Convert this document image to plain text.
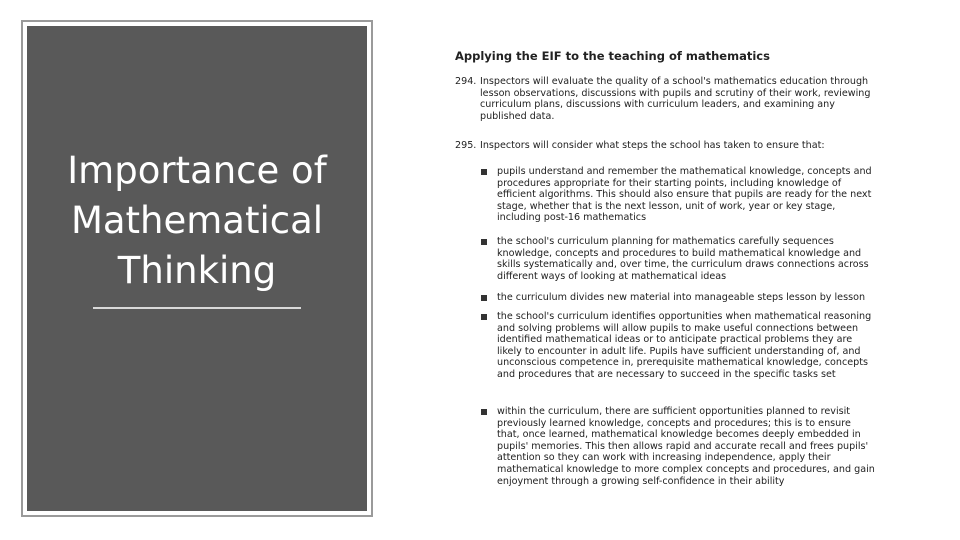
Importance of
Mathematical
Thinking
Applying the EIF to the teaching of mathematics
294. Inspectors will evaluate the quality of a school's mathematics education through lesson observations, discussions with pupils and scrutiny of their work, reviewing curriculum plans, discussions with curriculum leaders, and examining any published data.
295. Inspectors will consider what steps the school has taken to ensure that:
pupils understand and remember the mathematical knowledge, concepts and procedures appropriate for their starting points, including knowledge of efficient algorithms. This should also ensure that pupils are ready for the next stage, whether that is the next lesson, unit of work, year or key stage, including post-16 mathematics
the school's curriculum planning for mathematics carefully sequences knowledge, concepts and procedures to build mathematical knowledge and skills systematically and, over time, the curriculum draws connections across different ways of looking at mathematical ideas
the curriculum divides new material into manageable steps lesson by lesson
the school's curriculum identifies opportunities when mathematical reasoning and solving problems will allow pupils to make useful connections between identified mathematical ideas or to anticipate practical problems they are likely to encounter in adult life. Pupils have sufficient understanding of, and unconscious competence in, prerequisite mathematical knowledge, concepts and procedures that are necessary to succeed in the specific tasks set
within the curriculum, there are sufficient opportunities planned to revisit previously learned knowledge, concepts and procedures; this is to ensure that, once learned, mathematical knowledge becomes deeply embedded in pupils' memories. This then allows rapid and accurate recall and frees pupils' attention so they can work with increasing independence, apply their mathematical knowledge to more complex concepts and procedures, and gain enjoyment through a growing self-confidence in their ability
